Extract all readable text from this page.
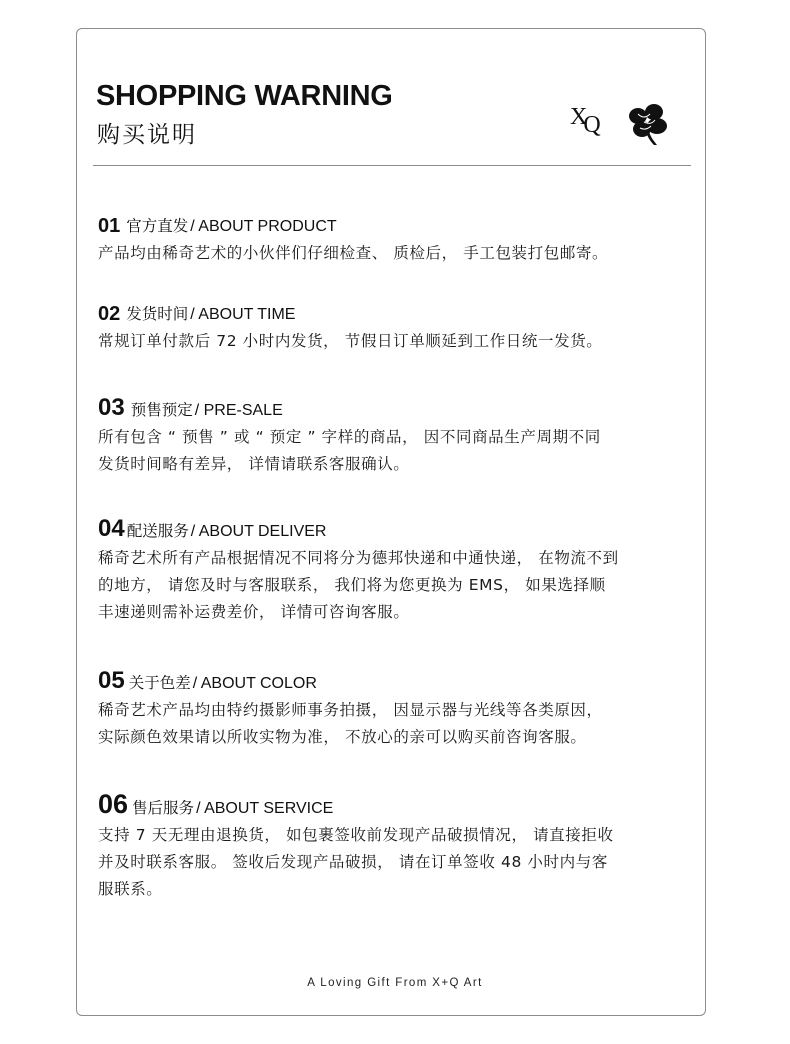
SHOPPING WARNING
购买说明
XQ
01 官方直发 / ABOUT PRODUCT

产品均由稀奇艺术的小伙伴们仔细检查、 质检后， 手工包装打包邮寄。

02 发货时间 / ABOUT TIME

常规订单付款后 72 小时内发货， 节假日订单顺延到工作日统一发货。

03 预售预定 / PRE-SALE

所有包含 “ 预售 ” 或 “ 预定 ” 字样的商品， 因不同商品生产周期不同

发货时间略有差异， 详情请联系客服确认。

04 配送服务 / ABOUT DELIVER

稀奇艺术所有产品根据情况不同将分为德邦快递和中通快递， 在物流不到

的地方， 请您及时与客服联系， 我们将为您更换为 EMS， 如果选择顺

丰速递则需补运费差价， 详情可咨询客服。

05 关于色差 / ABOUT COLOR

稀奇艺术产品均由特约摄影师事务拍摄， 因显示器与光线等各类原因，

实际颜色效果请以所收实物为准， 不放心的亲可以购买前咨询客服。

06 售后服务 / ABOUT SERVICE

支持 7 天无理由退换货， 如包裹签收前发现产品破损情况， 请直接拒收

并及时联系客服。 签收后发现产品破损， 请在订单签收 48 小时内与客

服联系。

A Loving Gift From X+Q Art
